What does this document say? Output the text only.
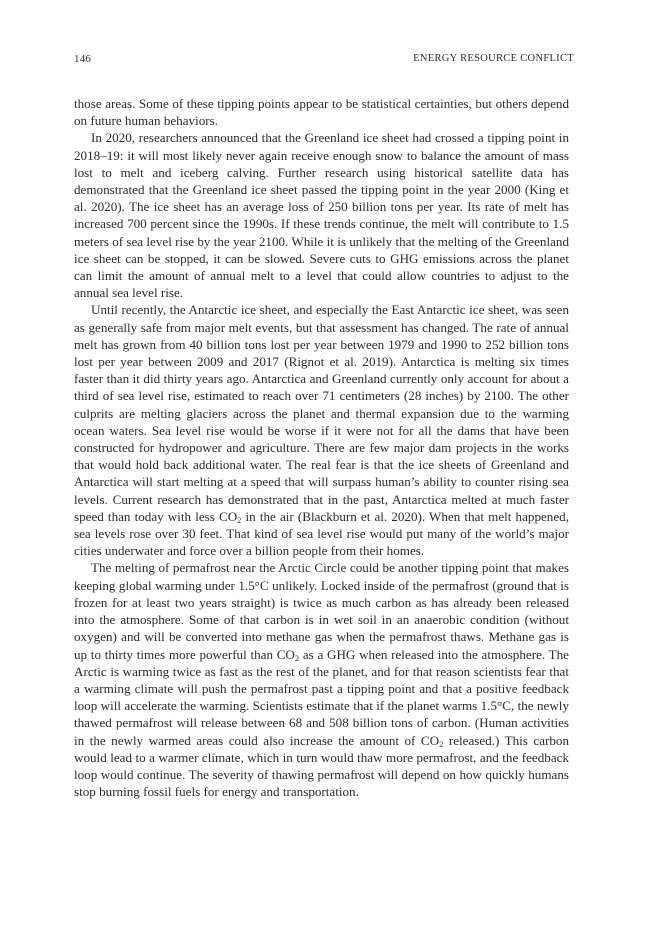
146	ENERGY RESOURCE CONFLICT

those areas. Some of these tipping points appear to be statistical certainties, but others depend on future human behaviors.

In 2020, researchers announced that the Greenland ice sheet had crossed a tipping point in 2018–19: it will most likely never again receive enough snow to balance the amount of mass lost to melt and iceberg calving. Further research using historical satellite data has demonstrated that the Greenland ice sheet passed the tipping point in the year 2000 (King et al. 2020). The ice sheet has an average loss of 250 billion tons per year. Its rate of melt has increased 700 percent since the 1990s. If these trends continue, the melt will contribute to 1.5 meters of sea level rise by the year 2100. While it is unlikely that the melting of the Greenland ice sheet can be stopped, it can be slowed. Severe cuts to GHG emissions across the planet can limit the amount of annual melt to a level that could allow countries to adjust to the annual sea level rise.

Until recently, the Antarctic ice sheet, and especially the East Antarctic ice sheet, was seen as generally safe from major melt events, but that assessment has changed. The rate of annual melt has grown from 40 billion tons lost per year between 1979 and 1990 to 252 billion tons lost per year between 2009 and 2017 (Rignot et al. 2019). Antarctica is melting six times faster than it did thirty years ago. Antarctica and Greenland currently only account for about a third of sea level rise, estimated to reach over 71 centimeters (28 inches) by 2100. The other culprits are melting glaciers across the planet and thermal expansion due to the warming ocean waters. Sea level rise would be worse if it were not for all the dams that have been constructed for hydropower and agriculture. There are few major dam projects in the works that would hold back additional water. The real fear is that the ice sheets of Greenland and Antarctica will start melting at a speed that will surpass human’s ability to counter rising sea levels. Current research has demonstrated that in the past, Antarctica melted at much faster speed than today with less $CO_2$ in the air (Blackburn et al. 2020). When that melt happened, sea levels rose over 30 feet. That kind of sea level rise would put many of the world’s major cities underwater and force over a billion people from their homes.

The melting of permafrost near the Arctic Circle could be another tipping point that makes keeping global warming under 1.5°C unlikely. Locked inside of the permafrost (ground that is frozen for at least two years straight) is twice as much carbon as has already been released into the atmosphere. Some of that carbon is in wet soil in an anaerobic condition (without oxygen) and will be converted into methane gas when the permafrost thaws. Methane gas is up to thirty times more powerful than $CO_2$ as a GHG when released into the atmosphere. The Arctic is warming twice as fast as the rest of the planet, and for that reason scientists fear that a warming climate will push the permafrost past a tipping point and that a positive feedback loop will accelerate the warming. Scientists estimate that if the planet warms 1.5°C, the newly thawed permafrost will release between 68 and 508 billion tons of carbon. (Human activities in the newly warmed areas could also increase the amount of $CO_2$ released.) This carbon would lead to a warmer climate, which in turn would thaw more permafrost, and the feedback loop would continue. The severity of thawing permafrost will depend on how quickly humans stop burning fossil fuels for energy and transportation.
